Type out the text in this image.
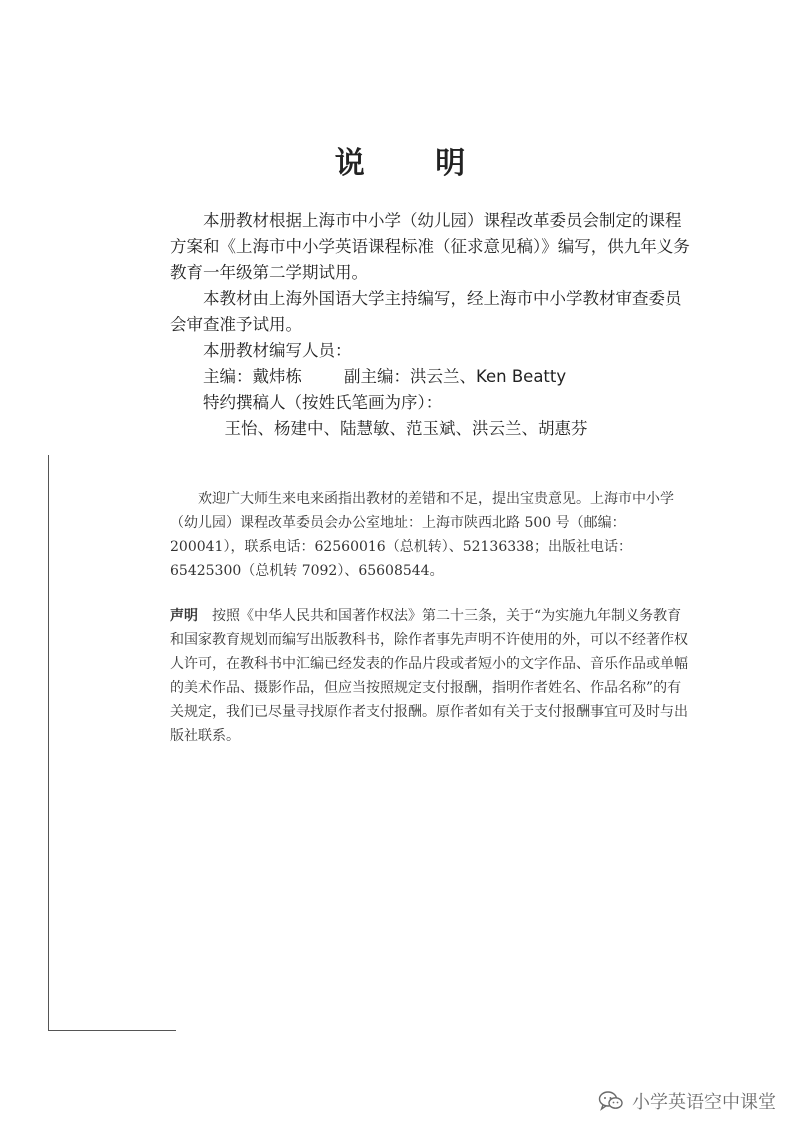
说 明

本册教材根据上海市中小学（幼儿园）课程改革委员会制定的课程方案和《上海市中小学英语课程标准（征求意见稿）》编写，供九年义务教育一年级第二学期试用。

本教材由上海外国语大学主持编写，经上海市中小学教材审查委员会审查准予试用。

本册教材编写人员：
主编：戴炜栋	副主编：洪云兰、Ken Beatty
特约撰稿人（按姓氏笔画为序）：
王怡、杨建中、陆慧敏、范玉斌、洪云兰、胡惠芬

欢迎广大师生来电来函指出教材的差错和不足，提出宝贵意见。上海市中小学（幼儿园）课程改革委员会办公室地址：上海市陕西北路 500 号（邮编：200041），联系电话：62560016（总机转）、52136338；出版社电话：65425300（总机转 7092）、65608544。

声明 按照《中华人民共和国著作权法》第二十三条，关于“为实施九年制义务教育和国家教育规划而编写出版教科书，除作者事先声明不许使用的外，可以不经著作权人许可，在教科书中汇编已经发表的作品片段或者短小的文字作品、音乐作品或单幅的美术作品、摄影作品，但应当按照规定支付报酬，指明作者姓名、作品名称”的有关规定，我们已尽量寻找原作者支付报酬。原作者如有关于支付报酬事宜可及时与出版社联系。

小学英语空中课堂
